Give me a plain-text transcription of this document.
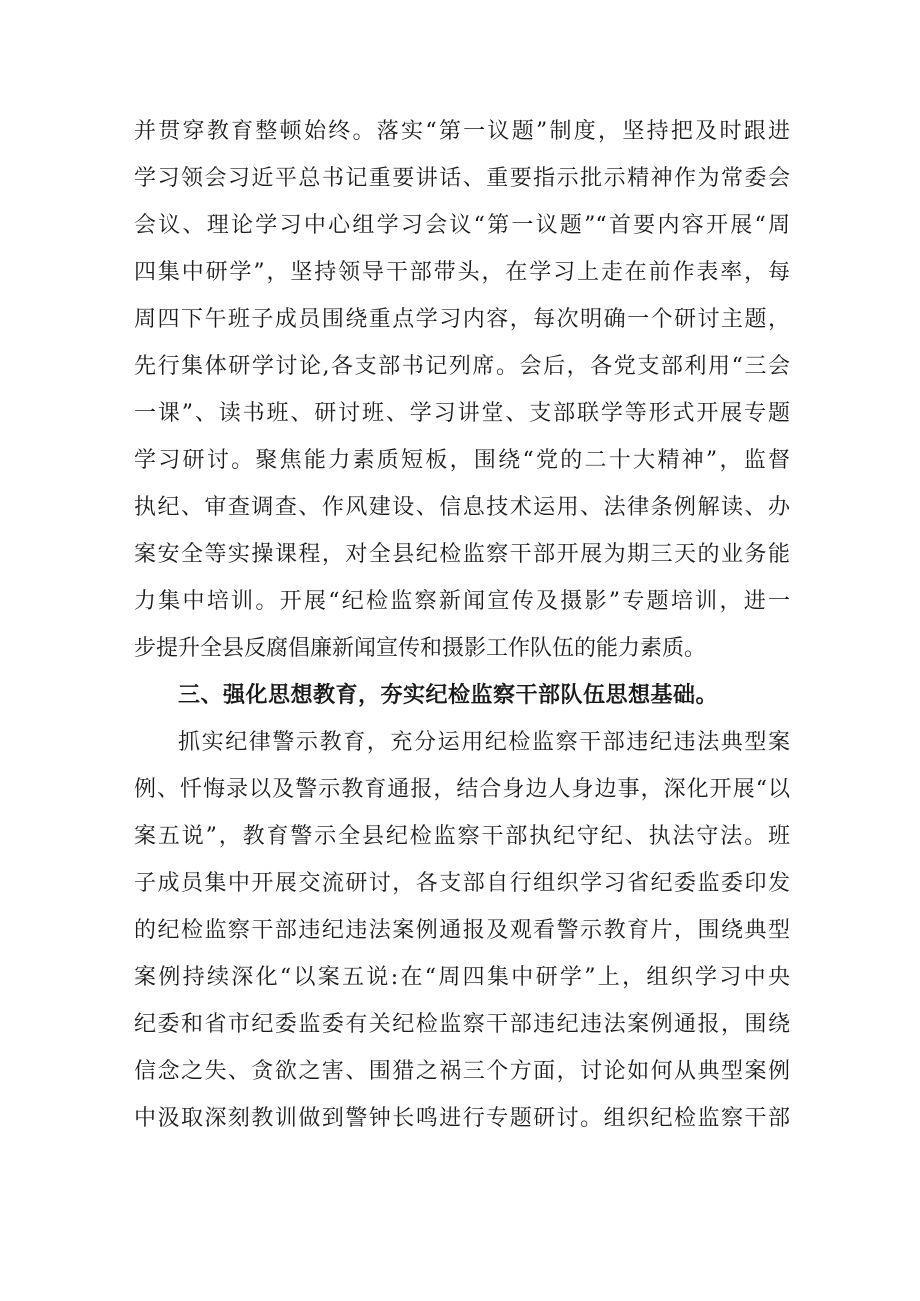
并贯穿教育整顿始终。落实“第一议题”制度，坚持把及时跟进
学习领会习近平总书记重要讲话、重要指示批示精神作为常委会
会议、理论学习中心组学习会议“第一议题”“首要内容开展“周
四集中研学”，坚持领导干部带头，在学习上走在前作表率，每
周四下午班子成员围绕重点学习内容，每次明确一个研讨主题，
先行集体研学讨论,各支部书记列席。会后，各党支部利用“三会
一课”、读书班、研讨班、学习讲堂、支部联学等形式开展专题
学习研讨。聚焦能力素质短板，围绕“党的二十大精神”，监督
执纪、审查调查、作风建设、信息技术运用、法律条例解读、办
案安全等实操课程，对全县纪检监察干部开展为期三天的业务能
力集中培训。开展“纪检监察新闻宣传及摄影”专题培训，进一
步提升全县反腐倡廉新闻宣传和摄影工作队伍的能力素质。
三、强化思想教育，夯实纪检监察干部队伍思想基础。
抓实纪律警示教育，充分运用纪检监察干部违纪违法典型案
例、忏悔录以及警示教育通报，结合身边人身边事，深化开展“以
案五说”，教育警示全县纪检监察干部执纪守纪、执法守法。班
子成员集中开展交流研讨，各支部自行组织学习省纪委监委印发
的纪检监察干部违纪违法案例通报及观看警示教育片，围绕典型
案例持续深化“以案五说:在“周四集中研学”上，组织学习中央
纪委和省市纪委监委有关纪检监察干部违纪违法案例通报，围绕
信念之失、贪欲之害、围猎之祸三个方面，讨论如何从典型案例
中汲取深刻教训做到警钟长鸣进行专题研讨。组织纪检监察干部
